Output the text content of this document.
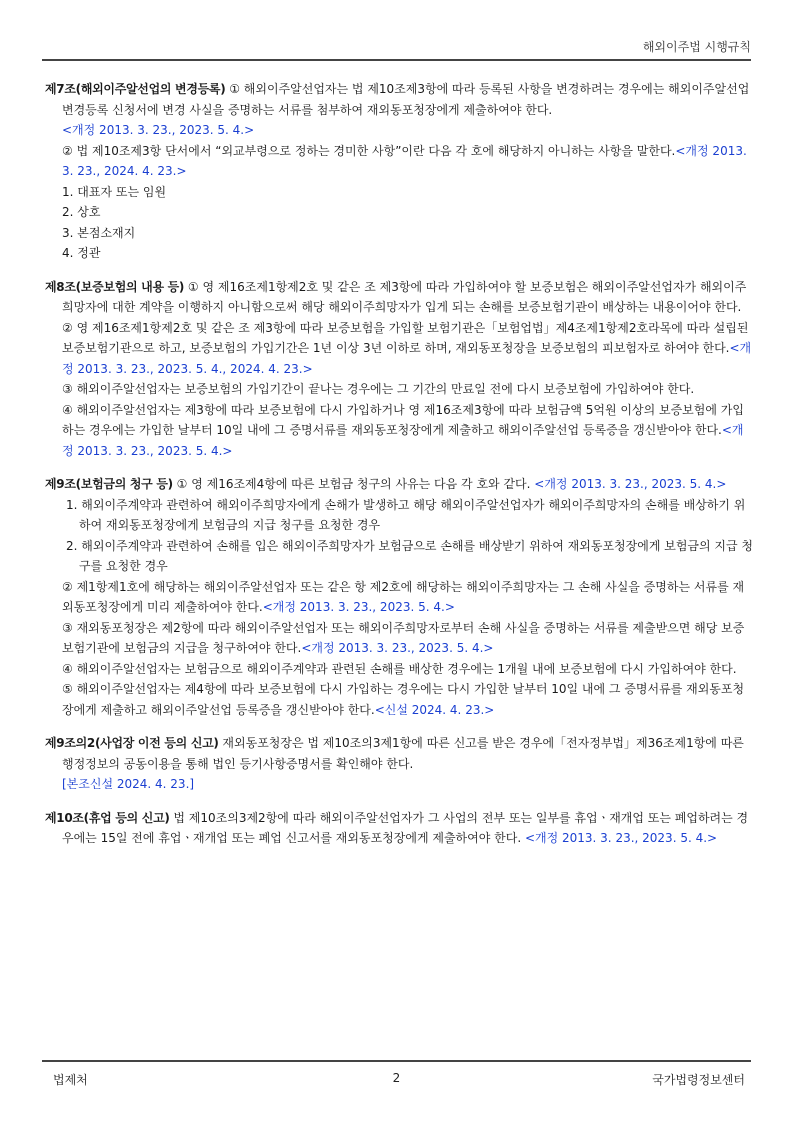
해외이주법 시행규칙
제7조(해외이주알선업의 변경등록) ① 해외이주알선업자는 법 제10조제3항에 따라 등록된 사항을 변경하려는 경우에는 해외이주알선업 변경등록 신청서에 변경 사실을 증명하는 서류를 첨부하여 재외동포청장에게 제출하여야 한다.
<개정 2013. 3. 23., 2023. 5. 4.>
② 법 제10조제3항 단서에서 “외교부령으로 정하는 경미한 사항”이란 다음 각 호에 해당하지 아니하는 사항을 말한다.<개정 2013. 3. 23., 2024. 4. 23.>
1. 대표자 또는 임원
2. 상호
3. 본점소재지
4. 정관
제8조(보증보험의 내용 등) ① 영 제16조제1항제2호 및 같은 조 제3항에 따라 가입하여야 할 보증보험은 해외이주알선업자가 해외이주희망자에 대한 계약을 이행하지 아니함으로써 해당 해외이주희망자가 입게 되는 손해를 보증보험기관이 배상하는 내용이어야 한다.
② 영 제16조제1항제2호 및 같은 조 제3항에 따라 보증보험을 가입할 보험기관은「보험업법」제4조제1항제2호라목에 따라 설립된 보증보험기관으로 하고, 보증보험의 가입기간은 1년 이상 3년 이하로 하며, 재외동포청장을 보증보험의 피보험자로 하여야 한다.<개정 2013. 3. 23., 2023. 5. 4., 2024. 4. 23.>
③ 해외이주알선업자는 보증보험의 가입기간이 끝나는 경우에는 그 기간의 만료일 전에 다시 보증보험에 가입하여야 한다.
④ 해외이주알선업자는 제3항에 따라 보증보험에 다시 가입하거나 영 제16조제3항에 따라 보험금액 5억원 이상의 보증보험에 가입하는 경우에는 가입한 날부터 10일 내에 그 증명서류를 재외동포청장에게 제출하고 해외이주알선업 등록증을 갱신받아야 한다.<개정 2013. 3. 23., 2023. 5. 4.>
제9조(보험금의 청구 등) ① 영 제16조제4항에 따른 보험금 청구의 사유는 다음 각 호와 같다. <개정 2013. 3. 23., 2023. 5. 4.>
1. 해외이주계약과 관련하여 해외이주희망자에게 손해가 발생하고 해당 해외이주알선업자가 해외이주희망자의 손해를 배상하기 위하여 재외동포청장에게 보험금의 지급 청구를 요청한 경우
2. 해외이주계약과 관련하여 손해를 입은 해외이주희망자가 보험금으로 손해를 배상받기 위하여 재외동포청장에게 보험금의 지급 청구를 요청한 경우
② 제1항제1호에 해당하는 해외이주알선업자 또는 같은 항 제2호에 해당하는 해외이주희망자는 그 손해 사실을 증명하는 서류를 재외동포청장에게 미리 제출하여야 한다.<개정 2013. 3. 23., 2023. 5. 4.>
③ 재외동포청장은 제2항에 따라 해외이주알선업자 또는 해외이주희망자로부터 손해 사실을 증명하는 서류를 제출받으면 해당 보증보험기관에 보험금의 지급을 청구하여야 한다.<개정 2013. 3. 23., 2023. 5. 4.>
④ 해외이주알선업자는 보험금으로 해외이주계약과 관련된 손해를 배상한 경우에는 1개월 내에 보증보험에 다시 가입하여야 한다.
⑤ 해외이주알선업자는 제4항에 따라 보증보험에 다시 가입하는 경우에는 다시 가입한 날부터 10일 내에 그 증명서류를 재외동포청장에게 제출하고 해외이주알선업 등록증을 갱신받아야 한다.<신설 2024. 4. 23.>
제9조의2(사업장 이전 등의 신고) 재외동포청장은 법 제10조의3제1항에 따른 신고를 받은 경우에「전자정부법」제36조제1항에 따른 행정정보의 공동이용을 통해 법인 등기사항증명서를 확인해야 한다.
[본조신설 2024. 4. 23.]
제10조(휴업 등의 신고) 법 제10조의3제2항에 따라 해외이주알선업자가 그 사업의 전부 또는 일부를 휴업ㆍ재개업 또는 폐업하려는 경우에는 15일 전에 휴업ㆍ재개업 또는 폐업 신고서를 재외동포청장에게 제출하여야 한다. <개정 2013. 3. 23., 2023. 5. 4.>
법제처	2	국가법령정보센터
